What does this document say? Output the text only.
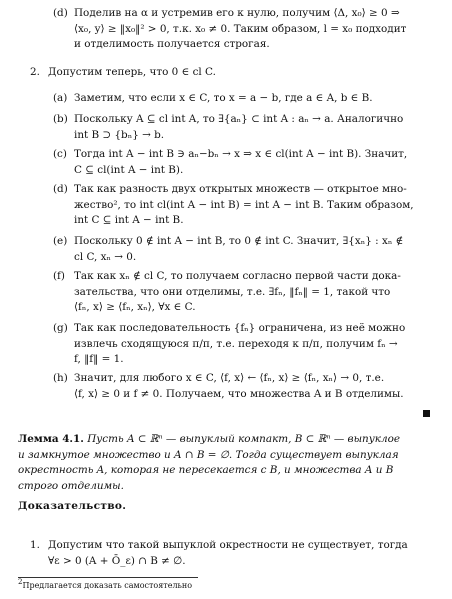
(d) Поделив на α и устремив его к нулю, получим ⟨Δ, x₀⟩ ≥ 0 ⇒
⟨x₀, y⟩ ≥ ‖x₀‖² > 0, т.к. x₀ ≠ 0. Таким образом, l = x₀ подходит
и отделимость получается строгая.
2. Допустим теперь, что 0 ∈ cl C.
(a) Заметим, что если x ∈ C, то x = a − b, где a ∈ A, b ∈ B.
(b) Поскольку A ⊆ cl int A, то ∃{aₙ} ⊂ int A : aₙ → a. Аналогично
int B ⊃ {bₙ} → b.
(c) Тогда int A − int B ∋ aₙ−bₙ → x ⇒ x ∈ cl(int A − int B). Значит,
C ⊆ cl(int A − int B).
(d) Так как разность двух открытых множеств — открытое мно-
жество², то int cl(int A − int B) = int A − int B. Таким образом,
int C ⊆ int A − int B.
(e) Поскольку 0 ∉ int A − int B, то 0 ∉ int C. Значит, ∃{xₙ} : xₙ ∉
cl C, xₙ → 0.
(f) Так как xₙ ∉ cl C, то получаем согласно первой части дока-
зательства, что они отделимы, т.е. ∃fₙ, ‖fₙ‖ = 1, такой что
⟨fₙ, x⟩ ≥ ⟨fₙ, xₙ⟩, ∀x ∈ C.
(g) Так как последовательность {fₙ} ограничена, из неё можно
извлечь сходящуюся п/п, т.е. переходя к п/п, получим fₙ →
f, ‖f‖ = 1.
(h) Значит, для любого x ∈ C, ⟨f, x⟩ ← ⟨fₙ, x⟩ ≥ ⟨fₙ, xₙ⟩ → 0, т.е.
⟨f, x⟩ ≥ 0 и f ≠ 0. Получаем, что множества A и B отделимы.
Лемма 4.1. Пусть A ⊂ ℝⁿ — выпуклый компакт, B ⊂ ℝⁿ — выпуклое
и замкнутое множество и A ∩ B = ∅. Тогда существует выпуклая
окрестность A, которая не пересекается с B, и множества A и B
строго отделимы.
Доказательство.
1. Допустим что такой выпуклой окрестности не существует, тогда
∀ε > 0 (A + Ō_ε) ∩ B ≠ ∅.
$^2$Предлагается доказать самостоятельно
